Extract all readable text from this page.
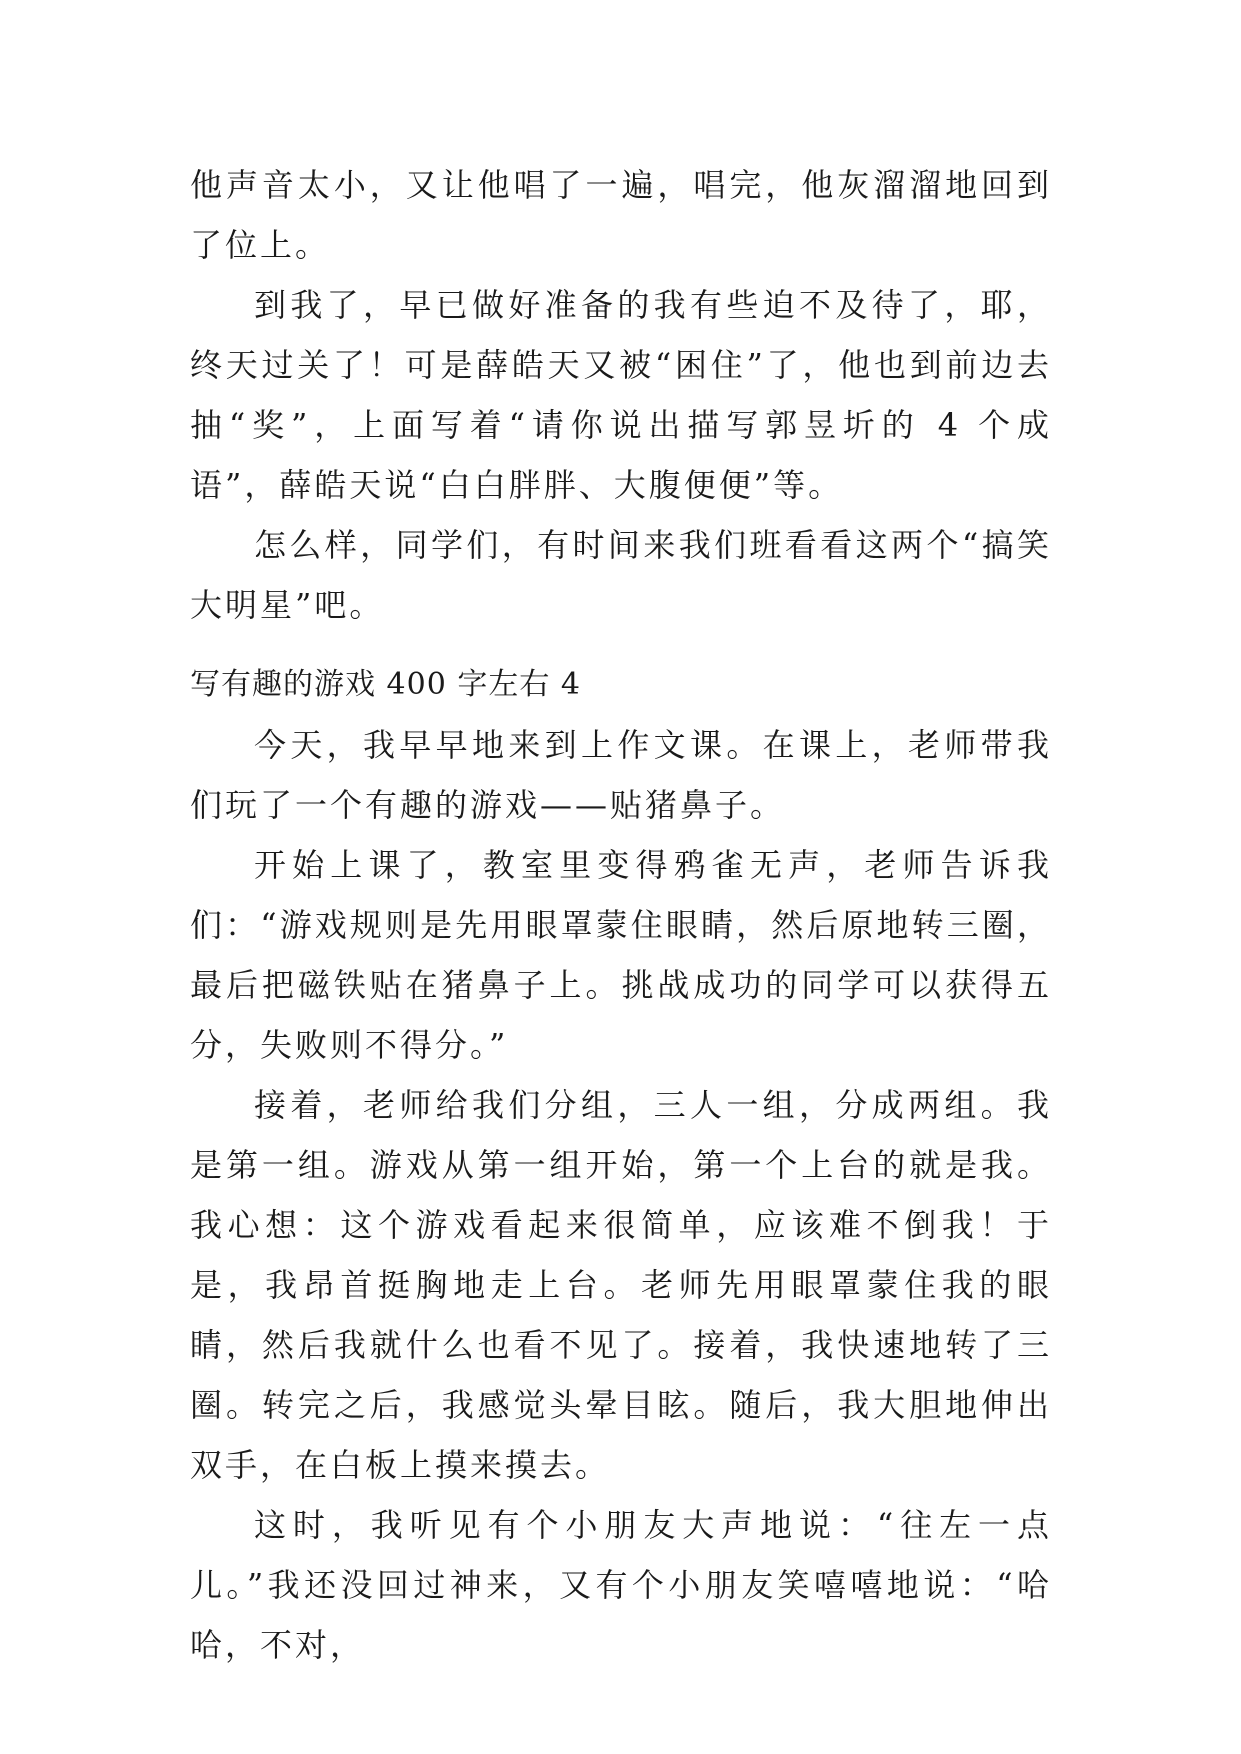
他声音太小，又让他唱了一遍，唱完，他灰溜溜地回到了位上。

到我了，早已做好准备的我有些迫不及待了，耶，终天过关了！可是薛皓天又被“困住”了，他也到前边去抽“奖”，上面写着“请你说出描写郭昱圻的 4 个成语”，薛皓天说“白白胖胖、大腹便便”等。

怎么样，同学们，有时间来我们班看看这两个“搞笑大明星”吧。

写有趣的游戏 400 字左右 4

今天，我早早地来到上作文课。在课上，老师带我们玩了一个有趣的游戏——贴猪鼻子。

开始上课了，教室里变得鸦雀无声，老师告诉我们：“游戏规则是先用眼罩蒙住眼睛，然后原地转三圈，最后把磁铁贴在猪鼻子上。挑战成功的同学可以获得五分，失败则不得分。”

接着，老师给我们分组，三人一组，分成两组。我是第一组。游戏从第一组开始，第一个上台的就是我。我心想：这个游戏看起来很简单，应该难不倒我！于是，我昂首挺胸地走上台。老师先用眼罩蒙住我的眼睛，然后我就什么也看不见了。接着，我快速地转了三圈。转完之后，我感觉头晕目眩。随后，我大胆地伸出双手，在白板上摸来摸去。

这时，我听见有个小朋友大声地说：“往左一点儿。”我还没回过神来，又有个小朋友笑嘻嘻地说：“哈哈，不对，
